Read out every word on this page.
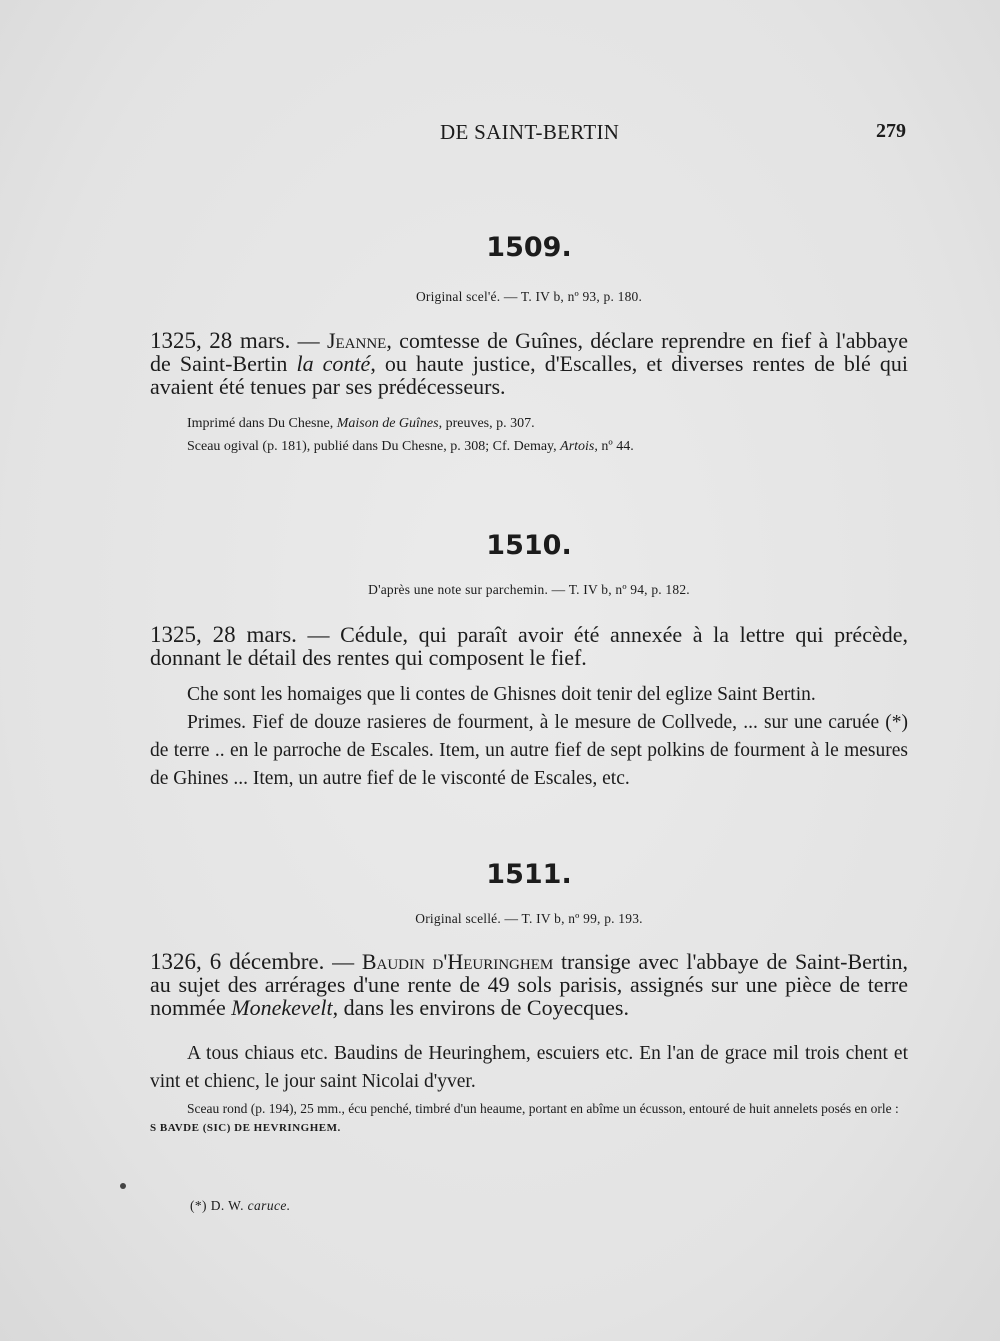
DE SAINT-BERTIN	279
1509.
Original scel'é. — T. IV b, nº 93, p. 180.
1325, 28 mars. — Jeanne, comtesse de Guînes, déclare reprendre en fief à l'abbaye de Saint-Bertin la conté, ou haute justice, d'Escalles, et diverses rentes de blé qui avaient été tenues par ses prédécesseurs.
Imprimé dans Du Chesne, Maison de Guînes, preuves, p. 307.
Sceau ogival (p. 181), publié dans Du Chesne, p. 308; Cf. Demay, Artois, nº 44.
1510.
D'après une note sur parchemin. — T. IV b, nº 94, p. 182.
1325, 28 mars. — Cédule, qui paraît avoir été annexée à la lettre qui précède, donnant le détail des rentes qui composent le fief.

Che sont les homaiges que li contes de Ghisnes doit tenir del eglize Saint Bertin.

Primes. Fief de douze rasieres de fourment, à le mesure de Collvede, ... sur une caruée (*) de terre .. en le parroche de Escales. Item, un autre fief de sept polkins de fourment à le mesures de Ghines ... Item, un autre fief de le visconté de Escales, etc.

1511.
Original scellé. — T. IV b, nº 99, p. 193.
1326, 6 décembre. — Baudin d'Heuringhem transige avec l'abbaye de Saint-Bertin, au sujet des arrérages d'une rente de 49 sols parisis, assignés sur une pièce de terre nommée Monekevelt, dans les environs de Coyecques.

A tous chiaus etc. Baudins de Heuringhem, escuiers etc. En l'an de grace mil trois chent et vint et chienc, le jour saint Nicolai d'yver.

Sceau rond (p. 194), 25 mm., écu penché, timbré d'un heaume, portant en abîme un écusson, entouré de huit annelets posés en orle : S BAVDE (SIC) DE HEVRINGHEM.
(*) D. W. caruce.
